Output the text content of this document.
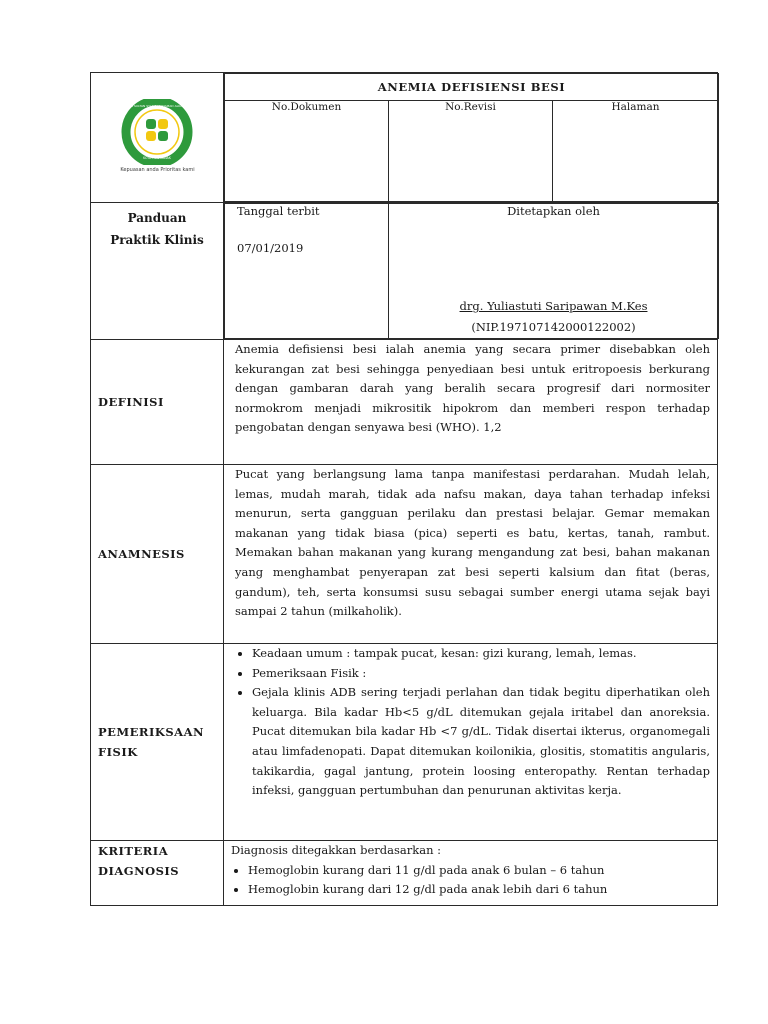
KOTA PONTIANAK
RSUD SULTAN SYARIF MOHAMAD ALKADRIE
Kepuasan anda Prioritas kami

ANEMIA DEFISIENSI BESI
No.Dokumen	No.Revisi	Halaman

Panduan Praktik Klinis

Tanggal terbit
07/01/2019

Ditetapkan oleh
drg. Yuliastuti Saripawan M.Kes
(NIP.197107142000122002)

DEFINISI

Anemia defisiensi besi ialah anemia yang secara primer disebabkan oleh kekurangan zat besi sehingga penyediaan besi untuk eritropoesis berkurang dengan gambaran darah yang beralih secara progresif dari normositer normokrom menjadi mikrositik hipokrom dan memberi respon terhadap pengobatan dengan senyawa besi (WHO). 1,2

ANAMNESIS

Pucat yang berlangsung lama tanpa manifestasi perdarahan. Mudah lelah, lemas, mudah marah, tidak ada nafsu makan, daya tahan terhadap infeksi menurun, serta gangguan perilaku dan prestasi belajar. Gemar memakan makanan yang tidak biasa (pica) seperti es batu, kertas, tanah, rambut. Memakan bahan makanan yang kurang mengandung zat besi, bahan makanan yang menghambat penyerapan zat besi seperti kalsium dan fitat (beras, gandum), teh, serta konsumsi susu sebagai sumber energi utama sejak bayi sampai 2 tahun (milkaholik).

PEMERIKSAAN
FISIK

• Keadaan umum : tampak pucat, kesan: gizi kurang, lemah, lemas.
• Pemeriksaan Fisik :
• Gejala klinis ADB sering terjadi perlahan dan tidak begitu diperhatikan oleh keluarga. Bila kadar Hb<5 g/dL ditemukan gejala iritabel dan anoreksia. Pucat ditemukan bila kadar Hb <7 g/dL. Tidak disertai ikterus, organomegali atau limfadenopati. Dapat ditemukan koilonikia, glositis, stomatitis angularis, takikardia, gagal jantung, protein loosing enteropathy. Rentan terhadap infeksi, gangguan pertumbuhan dan penurunan aktivitas kerja.

KRITERIA
DIAGNOSIS

Diagnosis ditegakkan berdasarkan :
• Hemoglobin kurang dari 11 g/dl pada anak 6 bulan – 6 tahun
• Hemoglobin kurang dari 12 g/dl pada anak lebih dari 6 tahun
